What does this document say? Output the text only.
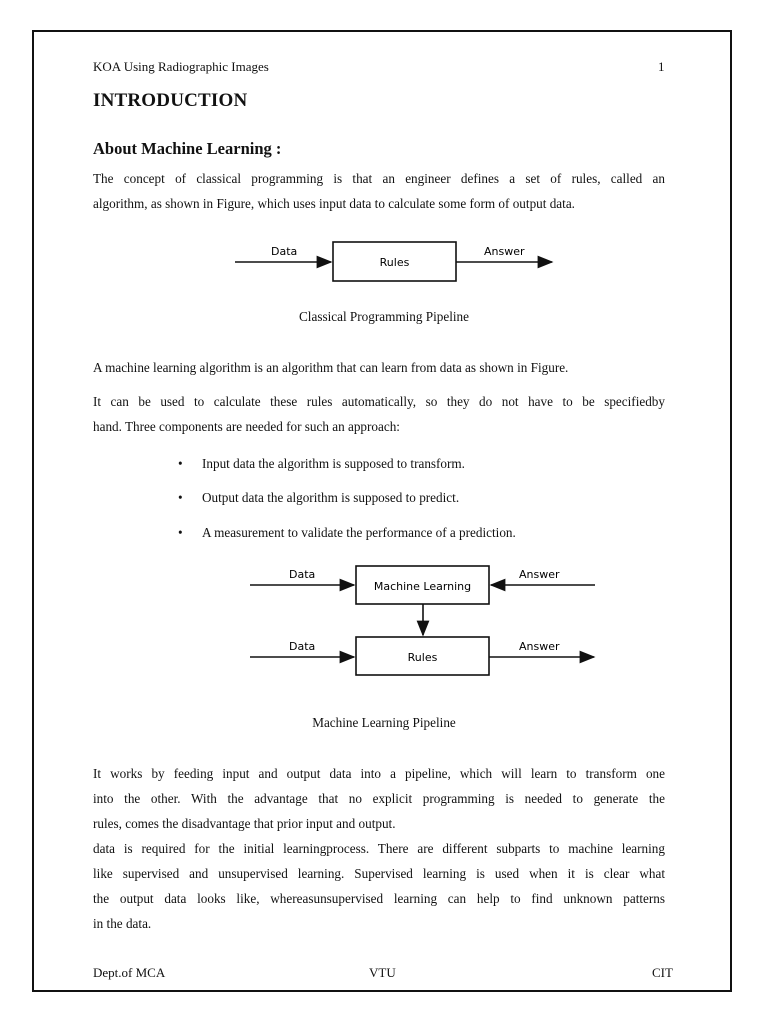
KOA Using Radiographic Images	1
INTRODUCTION
About Machine Learning :
The concept of classical programming is that an engineer defines a set of rules, called an
algorithm, as shown in Figure, which uses input data to calculate some form of output data.
Data
Rules
Answer
Classical Programming Pipeline
A machine learning algorithm is an algorithm that can learn from data as shown in Figure.
It can be used to calculate these rules automatically, so they do not have to be specifiedby
hand. Three components are needed for such an approach:
• Input data the algorithm is supposed to transform.
• Output data the algorithm is supposed to predict.
• A measurement to validate the performance of a prediction.
Data
Machine Learning
Answer
Data
Rules
Answer
Machine Learning Pipeline
It works by feeding input and output data into a pipeline, which will learn to transform one
into the other. With the advantage that no explicit programming is needed to generate the
rules, comes the disadvantage that prior input and output.
data is required for the initial learningprocess. There are different subparts to machine learning
like supervised and unsupervised learning. Supervised learning is used when it is clear what
the output data looks like, whereasunsupervised learning can help to find unknown patterns
in the data.
Dept.of MCA	VTU	CIT
